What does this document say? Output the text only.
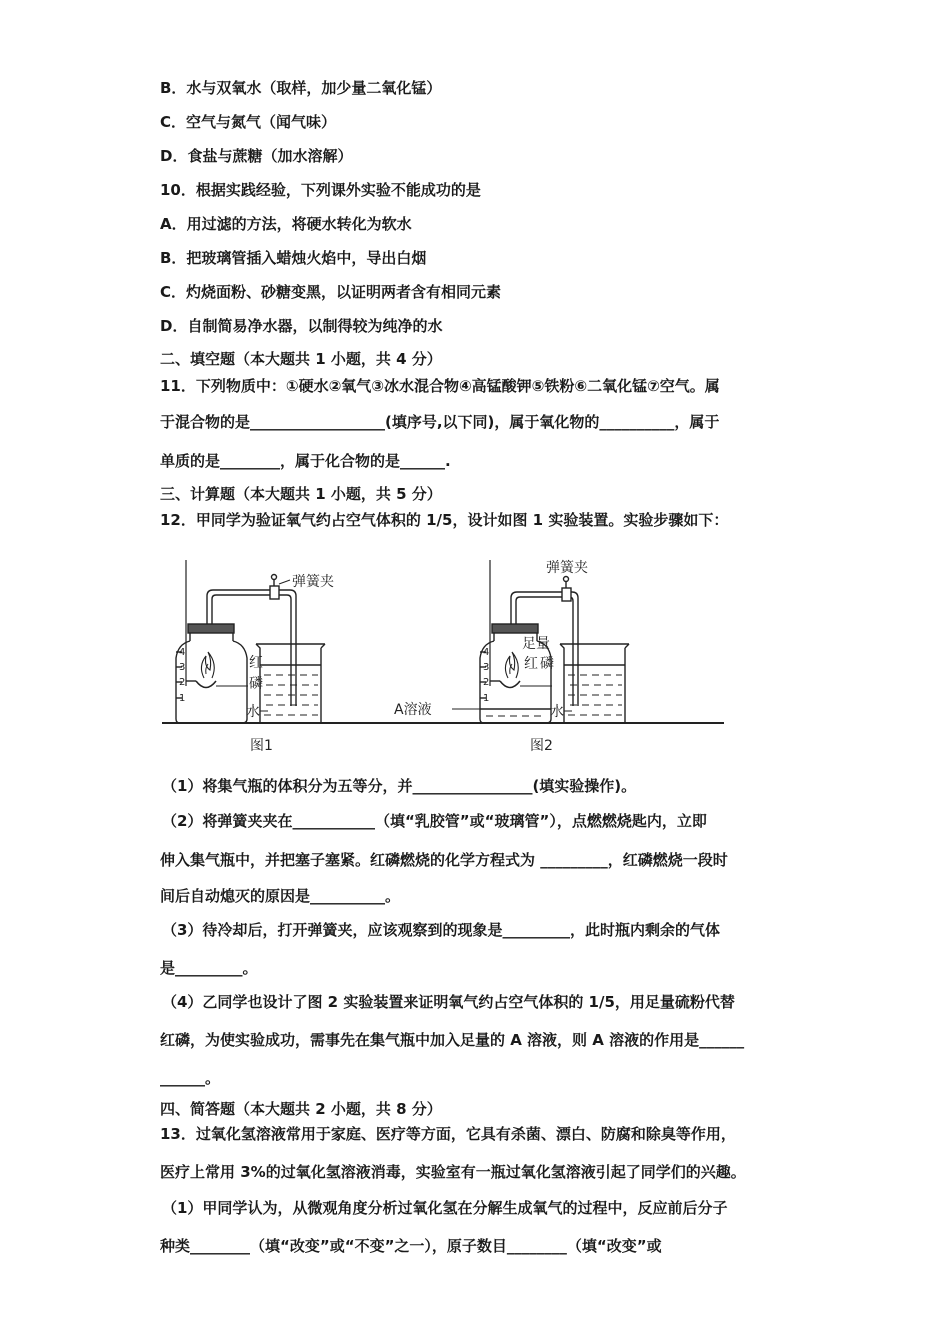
B．水与双氧水（取样，加少量二氧化锰）
C．空气与氮气（闻气味）
D．食盐与蔗糖（加水溶解）
10．根据实践经验，下列课外实验不能成功的是
A．用过滤的方法，将硬水转化为软水
B．把玻璃管插入蜡烛火焰中，导出白烟
C．灼烧面粉、砂糖变黑，以证明两者含有相同元素
D．自制简易净水器，以制得较为纯净的水
二、填空题（本大题共 1 小题，共 4 分）
11．下列物质中：①硬水②氧气③冰水混合物④高锰酸钾⑤铁粉⑥二氧化锰⑦空气。属
于混合物的是__________________(填序号,以下同)，属于氧化物的__________，属于
单质的是________，属于化合物的是______.
三、计算题（本大题共 1 小题，共 5 分）
12．甲同学为验证氧气约占空气体积的 1/5，设计如图 1 实验装置。实验步骤如下：
弹簧夹
红
磷
水
图1
4
3
2
1
弹簧夹
足量
红 磷
水
A溶液
图2
4
3
2
1
（1）将集气瓶的体积分为五等分，并________________(填实验操作)。
（2）将弹簧夹夹在___________（填“乳胶管”或“玻璃管”），点燃燃烧匙内，立即
伸入集气瓶中，并把塞子塞紧。红磷燃烧的化学方程式为 _________，红磷燃烧一段时
间后自动熄灭的原因是__________。
（3）待冷却后，打开弹簧夹，应该观察到的现象是_________，此时瓶内剩余的气体
是_________。
（4）乙同学也设计了图 2 实验装置来证明氧气约占空气体积的 1/5，用足量硫粉代替
红磷，为使实验成功，需事先在集气瓶中加入足量的 A 溶液，则 A 溶液的作用是______
______。
四、简答题（本大题共 2 小题，共 8 分）
13．过氧化氢溶液常用于家庭、医疗等方面，它具有杀菌、漂白、防腐和除臭等作用，
医疗上常用 3%的过氧化氢溶液消毒，实验室有一瓶过氧化氢溶液引起了同学们的兴趣。
（1）甲同学认为，从微观角度分析过氧化氢在分解生成氧气的过程中，反应前后分子
种类________（填“改变”或“不变”之一），原子数目________（填“改变”或
